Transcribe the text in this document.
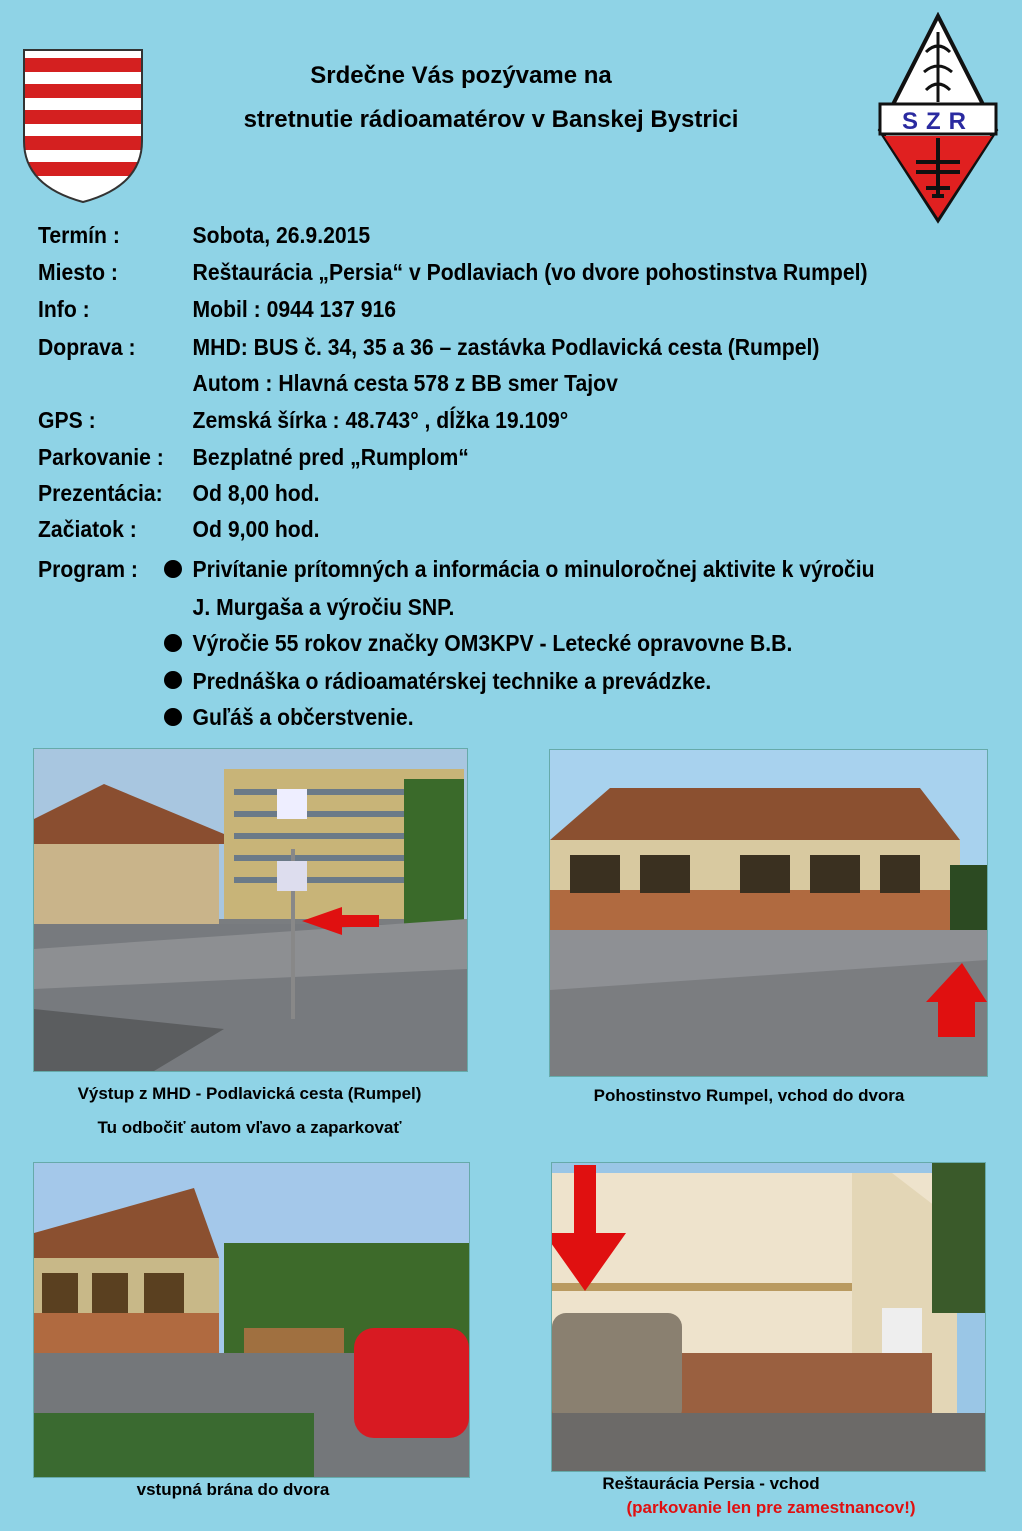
SZR
Srdečne Vás pozývame na
stretnutie rádioamatérov v Banskej Bystrici
Termín :	Sobota, 26.9.2015
Miesto :	Reštaurácia „Persia“ v Podlaviach (vo dvore pohostinstva Rumpel)
Info :	Mobil : 0944 137 916
Doprava : MHD: BUS č. 34, 35 a 36 – zastávka Podlavická cesta (Rumpel)
Autom : Hlavná cesta 578 z BB smer Tajov
GPS :	Zemská šírka : 48.743° , dĺžka 19.109°
Parkovanie : Bezplatné pred „Rumplom“
Prezentácia: Od 8,00 hod.
Začiatok : Od 9,00 hod.
Program : Privítanie prítomných a informácia o minuloročnej aktivite k výročiu
J. Murgaša a výročiu SNP.
Výročie 55 rokov značky OM3KPV - Letecké opravovne B.B.
Prednáška o rádioamatérskej technike a prevádzke.
Guľáš a občerstvenie.
Výstup z MHD - Podlavická cesta (Rumpel)
Tu odbočiť autom vľavo a zaparkovať
Pohostinstvo Rumpel, vchod do dvora
vstupná brána do dvora	Reštaurácia Persia - vchod
(parkovanie len pre zamestnancov!)
